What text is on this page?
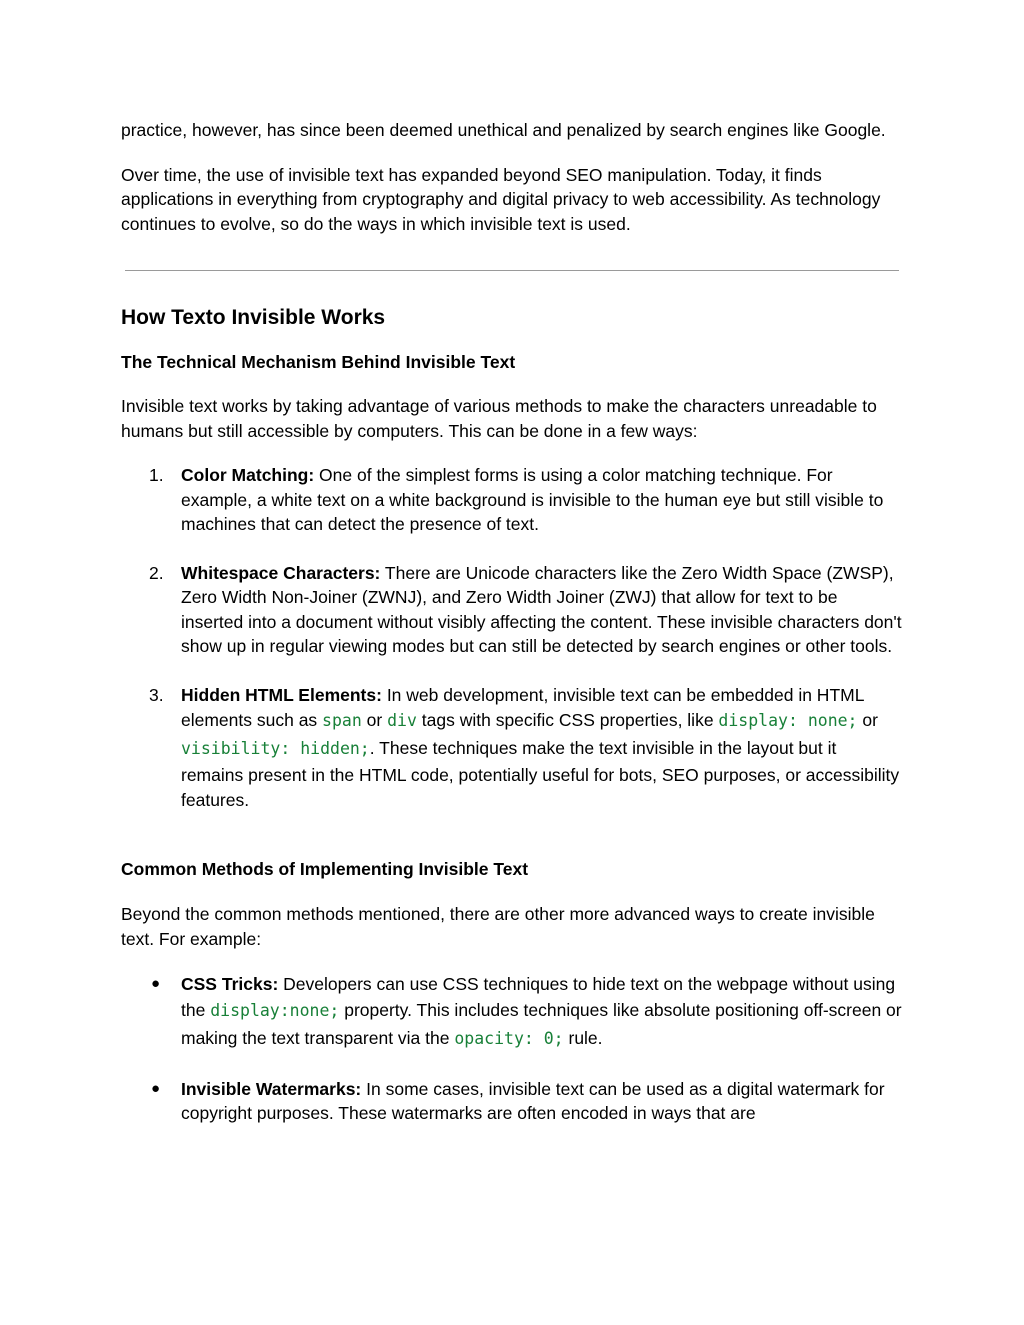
practice, however, has since been deemed unethical and penalized by search engines like Google.

Over time, the use of invisible text has expanded beyond SEO manipulation. Today, it finds applications in everything from cryptography and digital privacy to web accessibility. As technology continues to evolve, so do the ways in which invisible text is used.

How Texto Invisible Works
The Technical Mechanism Behind Invisible Text

Invisible text works by taking advantage of various methods to make the characters unreadable to humans but still accessible by computers. This can be done in a few ways:

1. Color Matching: One of the simplest forms is using a color matching technique. For example, a white text on a white background is invisible to the human eye but still visible to machines that can detect the presence of text.
2. Whitespace Characters: There are Unicode characters like the Zero Width Space (ZWSP), Zero Width Non-Joiner (ZWNJ), and Zero Width Joiner (ZWJ) that allow for text to be inserted into a document without visibly affecting the content. These invisible characters don't show up in regular viewing modes but can still be detected by search engines or other tools.
3. Hidden HTML Elements: In web development, invisible text can be embedded in HTML elements such as span or div tags with specific CSS properties, like display: none; or visibility: hidden;. These techniques make the text invisible in the layout but it remains present in the HTML code, potentially useful for bots, SEO purposes, or accessibility features.
Common Methods of Implementing Invisible Text

Beyond the common methods mentioned, there are other more advanced ways to create invisible text. For example:

● CSS Tricks: Developers can use CSS techniques to hide text on the webpage without using the display:none; property. This includes techniques like absolute positioning off-screen or making the text transparent via the opacity: 0; rule.
● Invisible Watermarks: In some cases, invisible text can be used as a digital watermark for copyright purposes. These watermarks are often encoded in ways that are
